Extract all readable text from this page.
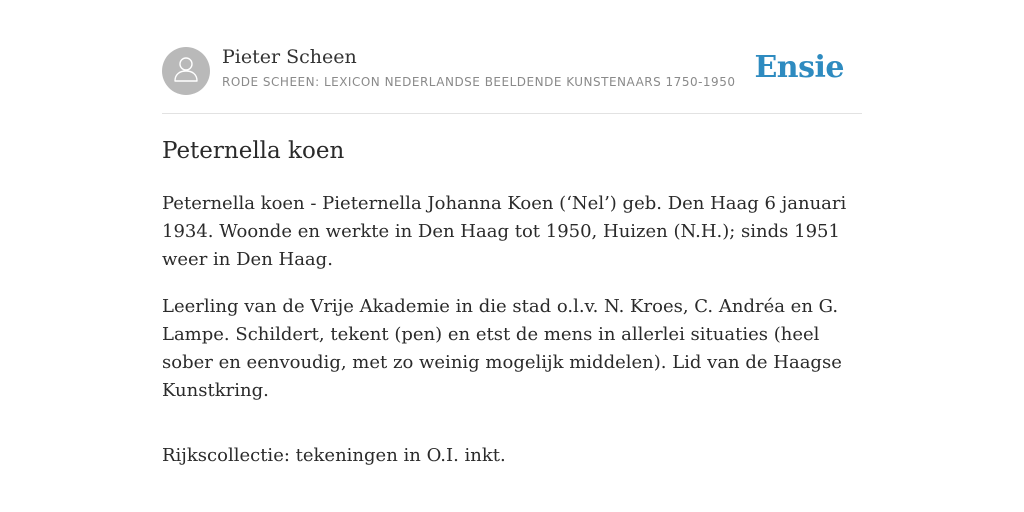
Pieter Scheen
RODE SCHEEN: LEXICON NEDERLANDSE BEELDENDE KUNSTENAARS 1750-1950 Ensie
Peternella koen

Peternella koen - Pieternella Johanna Koen (‘Nel’) geb. Den Haag 6 januari 1934. Woonde en werkte in Den Haag tot 1950, Huizen (N.H.); sinds 1951 weer in Den Haag.

Leerling van de Vrije Akademie in die stad o.l.v. N. Kroes, C. Andréa en G. Lampe. Schildert, tekent (pen) en etst de mens in allerlei situaties (heel sober en eenvoudig, met zo weinig mogelijk middelen). Lid van de Haagse Kunstkring.

Rijkscollectie: tekeningen in O.I. inkt.
